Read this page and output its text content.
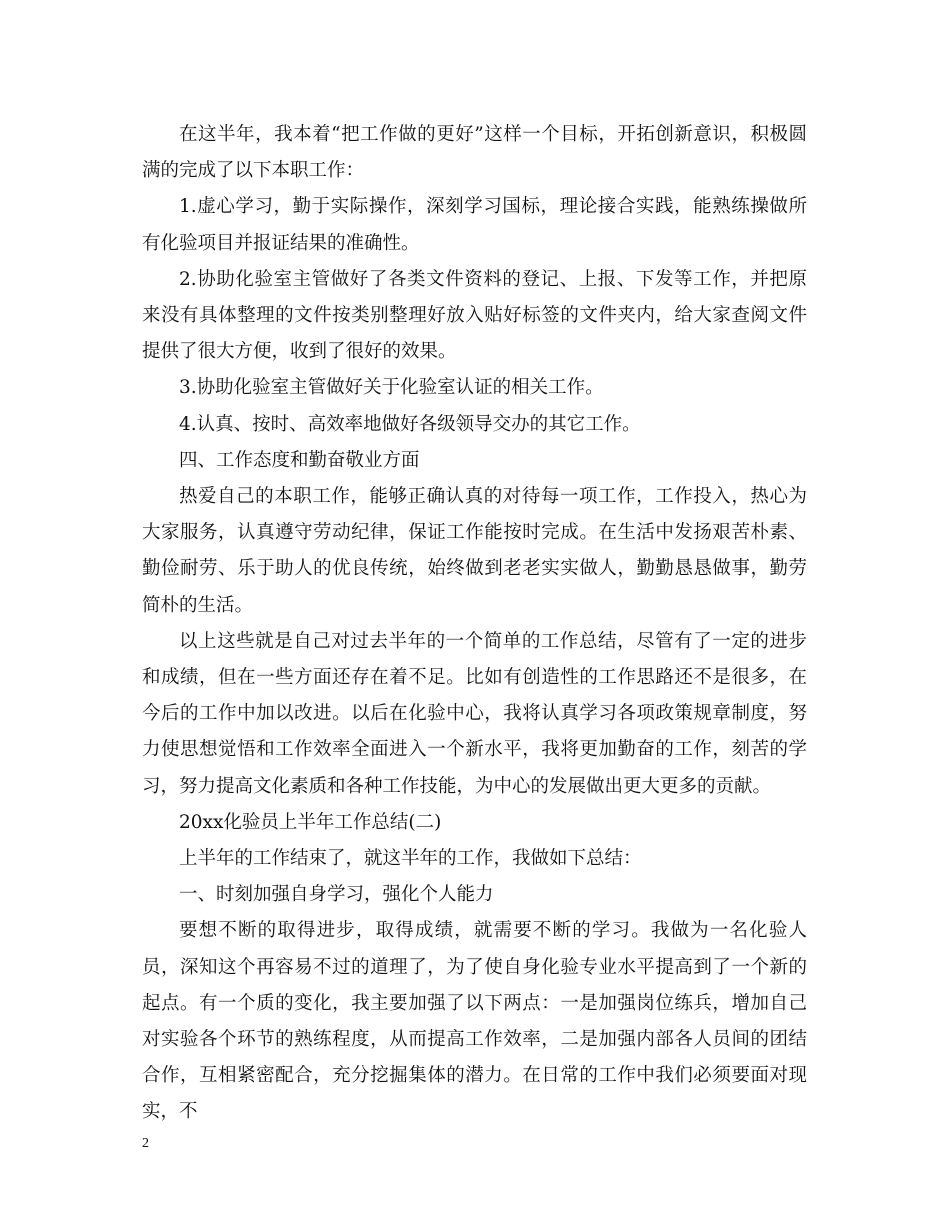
在这半年，我本着“把工作做的更好”这样一个目标，开拓创新意识，积极圆满的完成了以下本职工作：

1.虚心学习，勤于实际操作，深刻学习国标，理论接合实践，能熟练操做所有化验项目并报证结果的准确性。

2.协助化验室主管做好了各类文件资料的登记、上报、下发等工作，并把原来没有具体整理的文件按类别整理好放入贴好标签的文件夹内，给大家查阅文件提供了很大方便，收到了很好的效果。

3.协助化验室主管做好关于化验室认证的相关工作。

4.认真、按时、高效率地做好各级领导交办的其它工作。

四、工作态度和勤奋敬业方面

热爱自己的本职工作，能够正确认真的对待每一项工作，工作投入，热心为大家服务，认真遵守劳动纪律，保证工作能按时完成。在生活中发扬艰苦朴素、勤俭耐劳、乐于助人的优良传统，始终做到老老实实做人，勤勤恳恳做事，勤劳简朴的生活。

以上这些就是自己对过去半年的一个简单的工作总结，尽管有了一定的进步和成绩，但在一些方面还存在着不足。比如有创造性的工作思路还不是很多，在今后的工作中加以改进。以后在化验中心，我将认真学习各项政策规章制度，努力使思想觉悟和工作效率全面进入一个新水平，我将更加勤奋的工作，刻苦的学习，努力提高文化素质和各种工作技能，为中心的发展做出更大更多的贡献。

20xx化验员上半年工作总结(二)

上半年的工作结束了，就这半年的工作，我做如下总结：

一、时刻加强自身学习，强化个人能力

要想不断的取得进步，取得成绩，就需要不断的学习。我做为一名化验人员，深知这个再容易不过的道理了，为了使自身化验专业水平提高到了一个新的起点。有一个质的变化，我主要加强了以下两点：一是加强岗位练兵，增加自己对实验各个环节的熟练程度，从而提高工作效率，二是加强内部各人员间的团结合作，互相紧密配合，充分挖掘集体的潜力。在日常的工作中我们必须要面对现实，不

2
